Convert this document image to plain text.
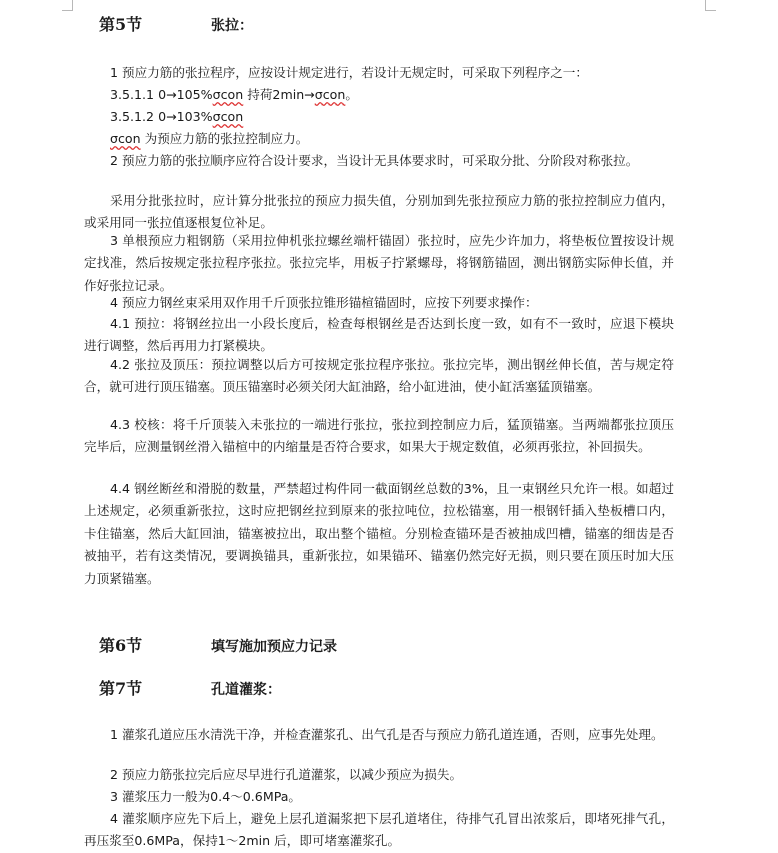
第5节	张拉：
1 预应力筋的张拉程序，应按设计规定进行，若设计无规定时，可采取下列程序之一：
3.5.1.1 0→105%σcon 持荷2min→σcon。
3.5.1.2 0→103%σcon
σcon 为预应力筋的张拉控制应力。
2 预应力筋的张拉顺序应符合设计要求，当设计无具体要求时，可采取分批、分阶段对称张拉。
采用分批张拉时，应计算分批张拉的预应力损失值，分别加到先张拉预应力筋的张拉控制应力值内，或采用同一张拉值逐根复位补足。
3 单根预应力粗钢筋（采用拉伸机张拉螺丝端杆锚固）张拉时，应先少许加力，将垫板位置按设计规定找准，然后按规定张拉程序张拉。张拉完毕，用板子拧紧螺母，将钢筋锚固，测出钢筋实际伸长值，并作好张拉记录。
4 预应力钢丝束采用双作用千斤顶张拉锥形锚楦锚固时，应按下列要求操作：
4.1 预拉：将钢丝拉出一小段长度后，检查每根钢丝是否达到长度一致，如有不一致时，应退下模块进行调整，然后再用力打紧模块。
4.2 张拉及顶压：预拉调整以后方可按规定张拉程序张拉。张拉完毕，测出钢丝伸长值，苦与规定符合，就可进行顶压锚塞。顶压锚塞时必须关闭大缸油路，给小缸进油，使小缸活塞猛顶锚塞。
4.3 校核：将千斤顶装入未张拉的一端进行张拉，张拉到控制应力后，猛顶锚塞。当两端都张拉顶压完毕后，应测量钢丝滑入锚楦中的内缩量是否符合要求，如果大于规定数值，必须再张拉，补回损失。
4.4 钢丝断丝和滑脱的数量，严禁超过构件同一截面钢丝总数的3%，且一束钢丝只允许一根。如超过上述规定，必须重新张拉，这时应把钢丝拉到原来的张拉吨位，拉松锚塞，用一根钢钎插入垫板槽口内，卡住锚塞，然后大缸回油，锚塞被拉出，取出整个锚楦。分别检查锚环是否被抽成凹槽，锚塞的细齿是否被抽平，若有这类情况，要调换锚具，重新张拉，如果锚环、锚塞仍然完好无损，则只要在顶压时加大压力顶紧锚塞。
第6节	填写施加预应力记录
第7节	孔道灌浆：
1 灌浆孔道应压水清洗干净，并检查灌浆孔、出气孔是否与预应力筋孔道连通，否则，应事先处理。
2 预应力筋张拉完后应尽早进行孔道灌浆，以减少预应为损失。
3 灌浆压力一般为0.4～0.6MPa。
4 灌浆顺序应先下后上，避免上层孔道漏浆把下层孔道堵住，待排气孔冒出浓浆后，即堵死排气孔，再压浆至0.6MPa，保持1～2min 后，即可堵塞灌浆孔。
